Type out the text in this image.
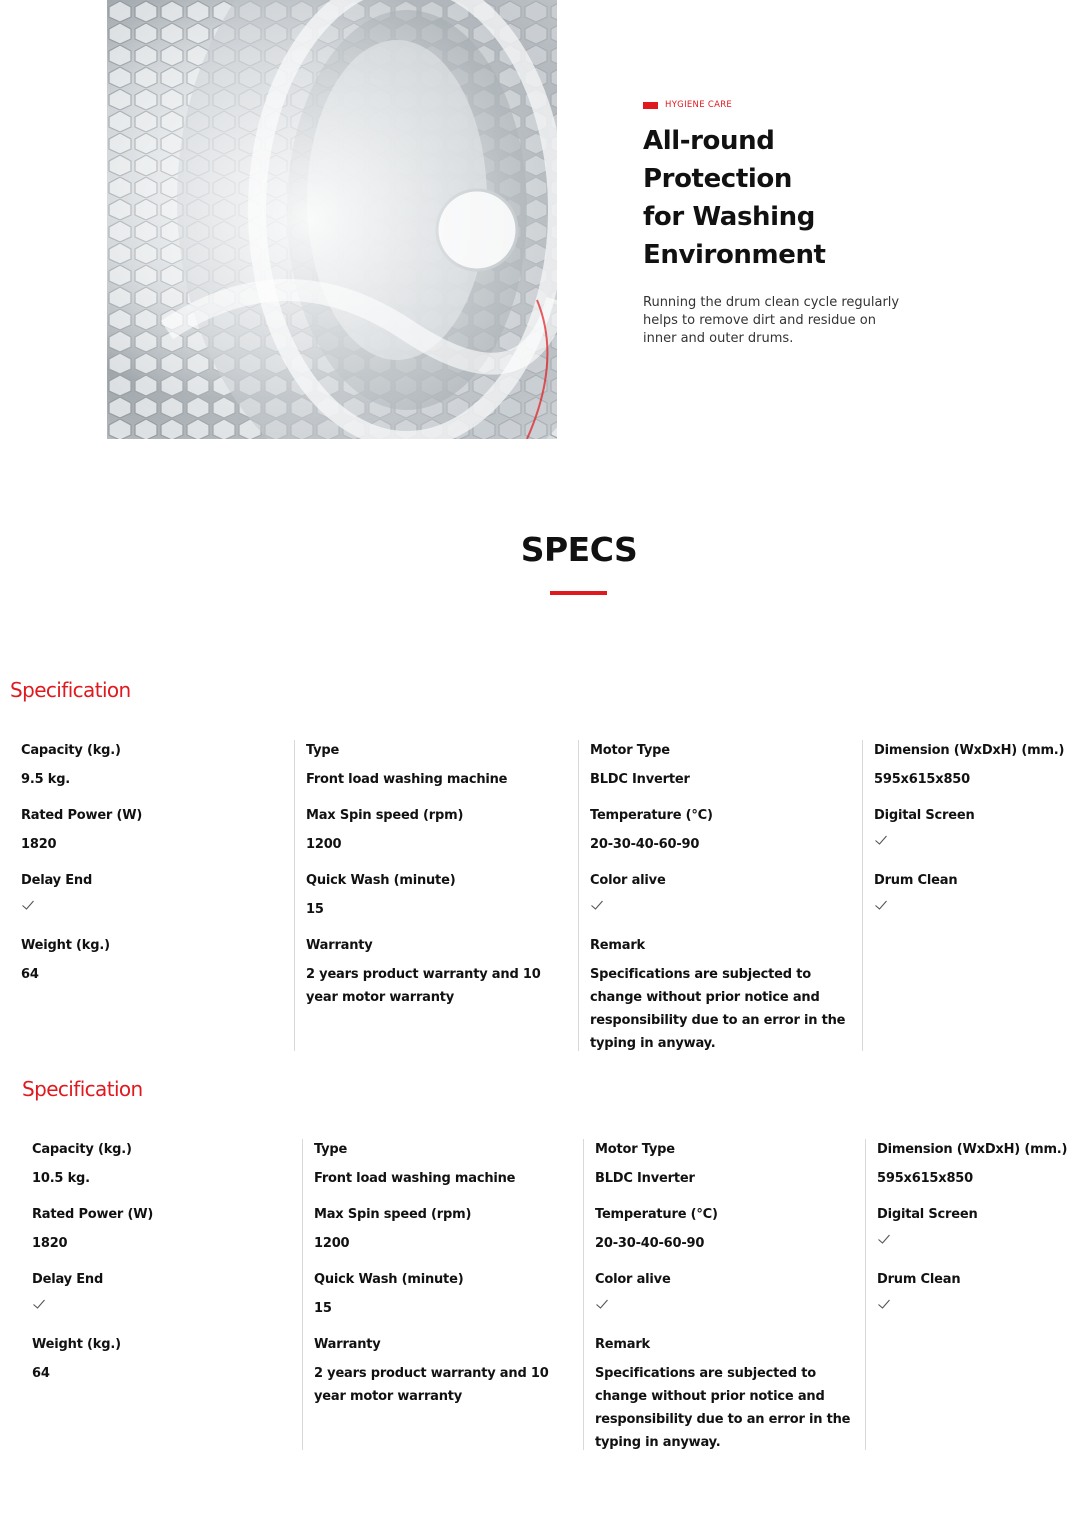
HYGIENE CARE
All-round Protection
for Washing
Environment

Running the drum clean cycle regularly helps to remove dirt and residue on inner and outer drums.

SPECS
Specification
Capacity (kg.)
9.5 kg.
Rated Power (W)
1820
Delay End
Weight (kg.)
64
Type
Front load washing machine
Max Spin speed (rpm)
1200
Quick Wash (minute)
15
Warranty
2 years product warranty and 10 year motor warranty
Motor Type
BLDC Inverter
Temperature (°C)
20-30-40-60-90
Color alive
Remark
Specifications are subjected to change without prior notice and responsibility due to an error in the typing in anyway.
Dimension (WxDxH) (mm.)
595x615x850
Digital Screen
Drum Clean
Specification
Capacity (kg.)
10.5 kg.
Rated Power (W)
1820
Delay End
Weight (kg.)
64
Type
Front load washing machine
Max Spin speed (rpm)
1200
Quick Wash (minute)
15
Warranty
2 years product warranty and 10 year motor warranty
Motor Type
BLDC Inverter
Temperature (°C)
20-30-40-60-90
Color alive
Remark
Specifications are subjected to change without prior notice and responsibility due to an error in the typing in anyway.
Dimension (WxDxH) (mm.)
595x615x850
Digital Screen
Drum Clean
